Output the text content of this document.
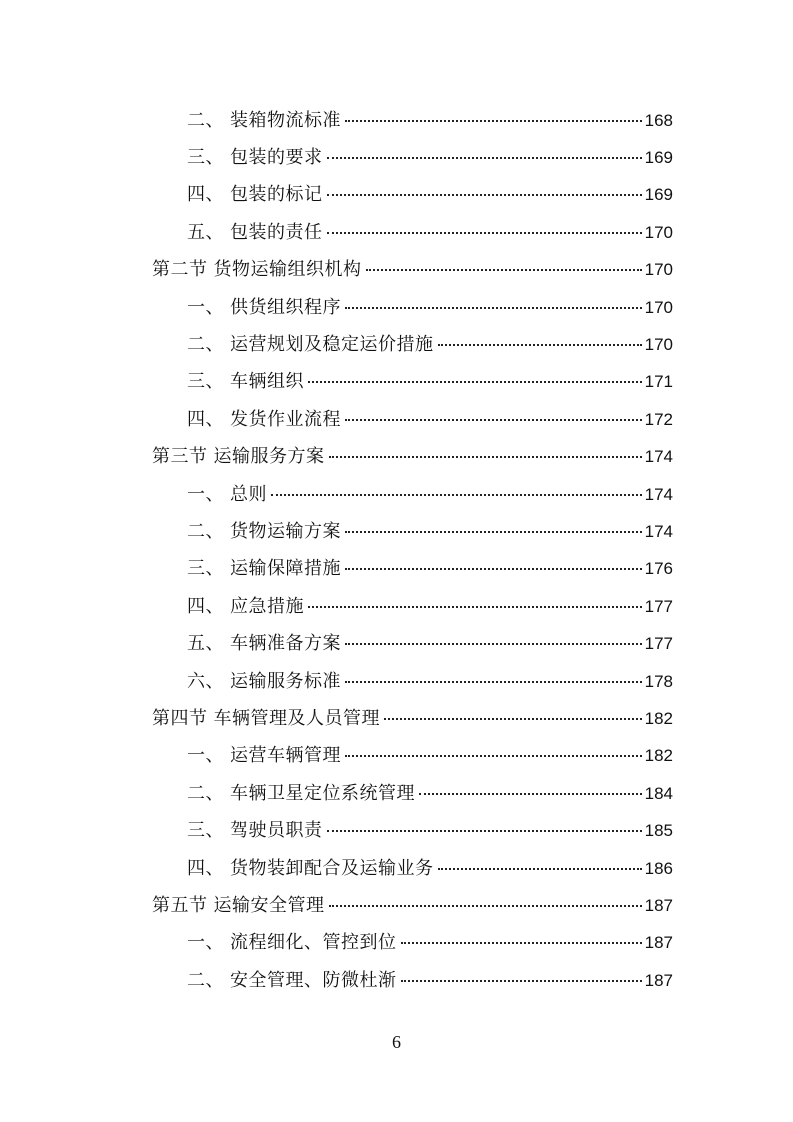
二、 装箱物流标准	168
三、 包装的要求	169
四、 包装的标记	169
五、 包装的责任	170
第二节 货物运输组织机构	170
一、 供货组织程序	170
二、 运营规划及稳定运价措施	170
三、 车辆组织	171
四、 发货作业流程	172
第三节 运输服务方案	174
一、 总则	174
二、 货物运输方案	174
三、 运输保障措施	176
四、 应急措施	177
五、 车辆准备方案	177
六、 运输服务标准	178
第四节 车辆管理及人员管理	182
一、 运营车辆管理	182
二、 车辆卫星定位系统管理	184
三、 驾驶员职责	185
四、 货物装卸配合及运输业务	186
第五节 运输安全管理	187
一、 流程细化、管控到位	187
二、 安全管理、防微杜渐	187
6
